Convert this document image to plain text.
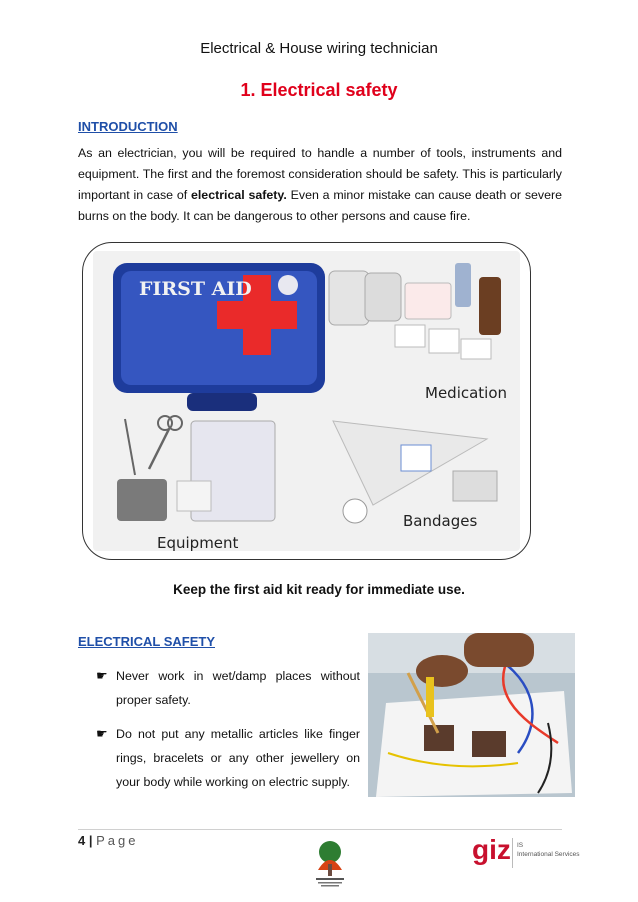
Electrical & House wiring technician
1. Electrical safety
INTRODUCTION
As an electrician, you will be required to handle a number of tools, instruments and equipment. The first and the foremost consideration should be safety. This is particularly important in case of electrical safety. Even a minor mistake can cause death or severe burns on the body. It can be dangerous to other persons and cause fire.
FIRST AID
Medication
Bandages
Equipment
Keep the first aid kit ready for immediate use.
ELECTRICAL SAFETY
☛ Never work in wet/damp places without proper safety.
☛ Do not put any metallic articles like finger rings, bracelets or any other jewellery on your body while working on electric supply.
4 | Page	giz IS
International Services
